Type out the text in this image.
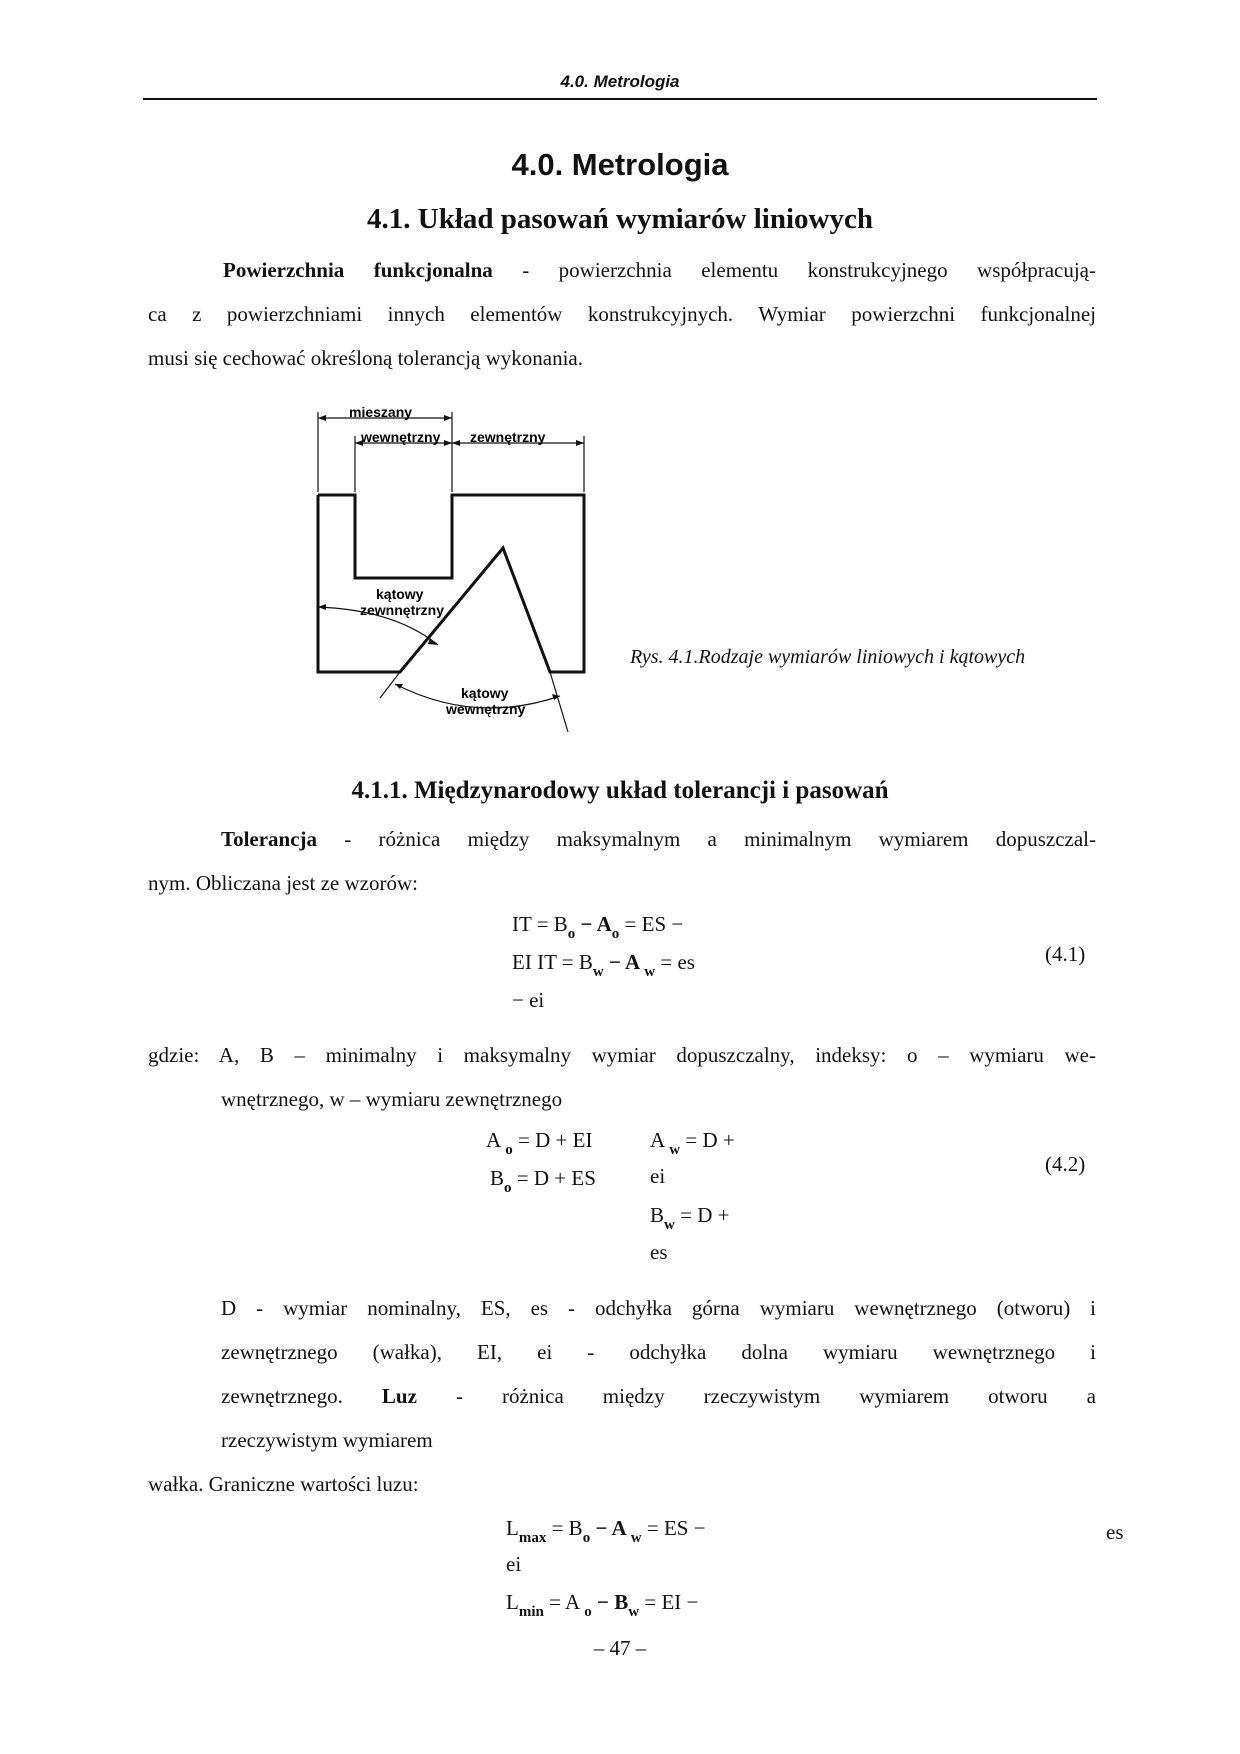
4.0. Metrologia
4.0. Metrologia
4.1. Układ pasowań wymiarów liniowych
Powierzchnia funkcjonalna - powierzchnia elementu konstrukcyjnego współpracują-
ca z powierzchniami innych elementów konstrukcyjnych. Wymiar powierzchni funkcjonalnej
musi się cechować określoną tolerancją wykonania.
mieszany
wewnętrzny zewnętrzny
kątowy
zewnnętrzny
kątowy
wewnętrzny
Rys. 4.1.Rodzaje wymiarów liniowych i kątowych
4.1.1. Międzynarodowy układ tolerancji i pasowań
Tolerancja - różnica między maksymalnym a minimalnym wymiarem dopuszczal-
nym. Obliczana jest ze wzorów:
IT = $B_o - A_o$ = ES −
EI IT = $B_w - A$ $_w$ = es
− ei
(4.1)
gdzie: A, B – minimalny i maksymalny wymiar dopuszczalny, indeksy: o – wymiaru we-
wnętrznego, w – wymiaru zewnętrznego
A $_o$ = D + EI
$B_o = D$ + ES
A $_w$ = D +
ei
$B_w = D$ +
es
(4.2)
D - wymiar nominalny, ES, es - odchyłka górna wymiaru wewnętrznego (otworu) i
zewnętrznego (wałka), EI, ei - odchyłka dolna wymiaru wewnętrznego i
zewnętrznego. Luz - różnica między rzeczywistym wymiarem otworu a
rzeczywistym wymiarem
wałka. Graniczne wartości luzu:
$L_{max} = B_o - A$ $_w$ = ES −
ei
$L_{min} = A$ $_o - B_w$ = EI −
es
– 47 –
